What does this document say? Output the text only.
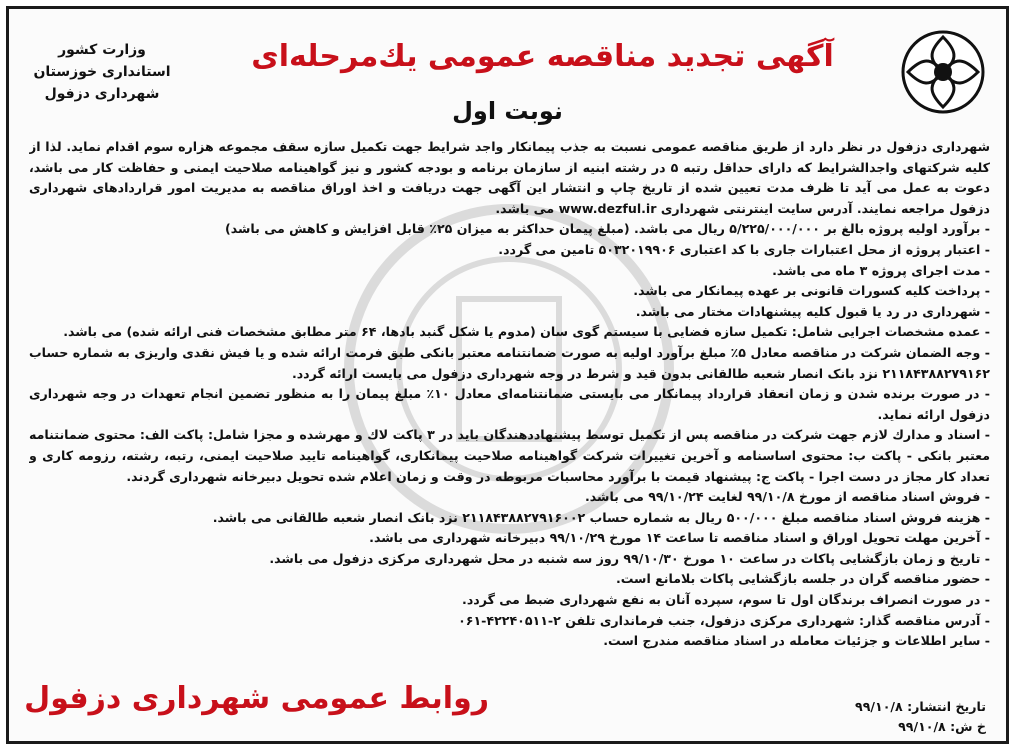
وزارت کشور
استانداری خوزستان
شهرداری دزفول
آگهی تجدید مناقصه عمومی یك‌مرحله‌ای
نوبت اول

شهرداری دزفول در نظر دارد از طریق مناقصه عمومی نسبت به جذب پیمانکار واجد شرایط جهت تکمیل سازه سقف مجموعه هزاره سوم اقدام نماید. لذا از کلیه شرکتهای واجدالشرایط که دارای حداقل رتبه ۵ در رشته ابنیه از سازمان برنامه و بودجه کشور و نیز گواهینامه صلاحیت ایمنی و حفاظت کار می باشد، دعوت به عمل می آید تا ظرف مدت تعیین شده از تاریخ چاپ و انتشار این آگهی جهت دریافت و اخذ اوراق مناقصه به مدیریت امور قراردادهای شهرداری دزفول مراجعه نمایند. آدرس سایت اینترنتی شهرداری www.dezful.ir می باشد.

- برآورد اولیه پروژه بالغ بر ۵/۲۲۵/۰۰۰/۰۰۰ ریال می باشد. (مبلغ پیمان حداکثر به میزان ۲۵٪ قابل افزایش و کاهش می باشد)

- اعتبار پروژه از محل اعتبارات جاری با کد اعتباری ۵۰۳۲۰۱۹۹۰۶ تامین می گردد.

- مدت اجرای پروژه ۳ ماه می باشد.

- پرداخت کلیه کسورات قانونی بر عهده پیمانکار می باشد.

- شهرداری در رد یا قبول کلیه پیشنهادات مختار می باشد.

- عمده مشخصات اجرایی شامل: تکمیل سازه فضایی با سیستم گوی سان (مدوم یا شکل گنبد بادها، ۶۴ متر مطابق مشخصات فنی ارائه شده) می باشد.

- وجه الضمان شرکت در مناقصه معادل ۵٪ مبلغ برآورد اولیه به صورت ضمانتنامه معتبر بانکی طبق فرمت ارائه شده و یا فیش نقدی واریزی به شماره حساب ۲۱۱۸۴۳۸۸۲۷۹۱۶۲ نزد بانک انصار شعبه طالقانی بدون قید و شرط در وجه شهرداری دزفول می بایست ارائه گردد.

- در صورت برنده شدن و زمان انعقاد قرارداد پیمانکار می بایستی ضمانتنامه‌ای معادل ۱۰٪ مبلغ پیمان را به منظور تضمین انجام تعهدات در وجه شهرداری دزفول ارائه نماید.

- اسناد و مدارك لازم جهت شرکت در مناقصه پس از تکمیل توسط پیشنهاددهندگان باید در ۳ پاکت لاك و مهرشده و مجزا شامل: پاکت الف: محتوی ضمانتنامه معتبر بانکی - پاکت ب: محتوی اساسنامه و آخرین تغییرات شرکت گواهینامه صلاحیت پیمانکاری، گواهینامه تایید صلاحیت ایمنی، رتبه، رشته، رزومه کاری و تعداد کار مجاز در دست اجرا - پاکت ج: پیشنهاد قیمت با برآورد محاسبات مربوطه در وقت و زمان اعلام شده تحویل دبیرخانه شهرداری گردند.

- فروش اسناد مناقصه از مورخ ۹۹/۱۰/۸ لغایت ۹۹/۱۰/۲۴ می باشد.

- هزینه فروش اسناد مناقصه مبلغ ۵۰۰/۰۰۰ ریال به شماره حساب ۲۱۱۸۴۳۸۸۲۷۹۱۶۰۰۲ نزد بانک انصار شعبه طالقانی می باشد.

- آخرین مهلت تحویل اوراق و اسناد مناقصه تا ساعت ۱۴ مورخ ۹۹/۱۰/۲۹ دبیرخانه شهرداری می باشد.

- تاریخ و زمان بازگشایی پاکات در ساعت ۱۰ مورخ ۹۹/۱۰/۳۰ روز سه شنبه در محل شهرداری مرکزی دزفول می باشد.

- حضور مناقصه گران در جلسه بازگشایی پاکات بلامانع است.

- در صورت انصراف برندگان اول تا سوم، سپرده آنان به نفع شهرداری ضبط می گردد.

- آدرس مناقصه گذار: شهرداری مرکزی دزفول، جنب فرمانداری تلفن ۲-۴۲۲۴۰۵۱۱-۰۶۱

- سایر اطلاعات و جزئیات معامله در اسناد مناقصه مندرج است.

روابط عمومی شهرداری دزفول	تاریخ انتشار: ۹۹/۱۰/۸
خ ش: ۹۹/۱۰/۸
